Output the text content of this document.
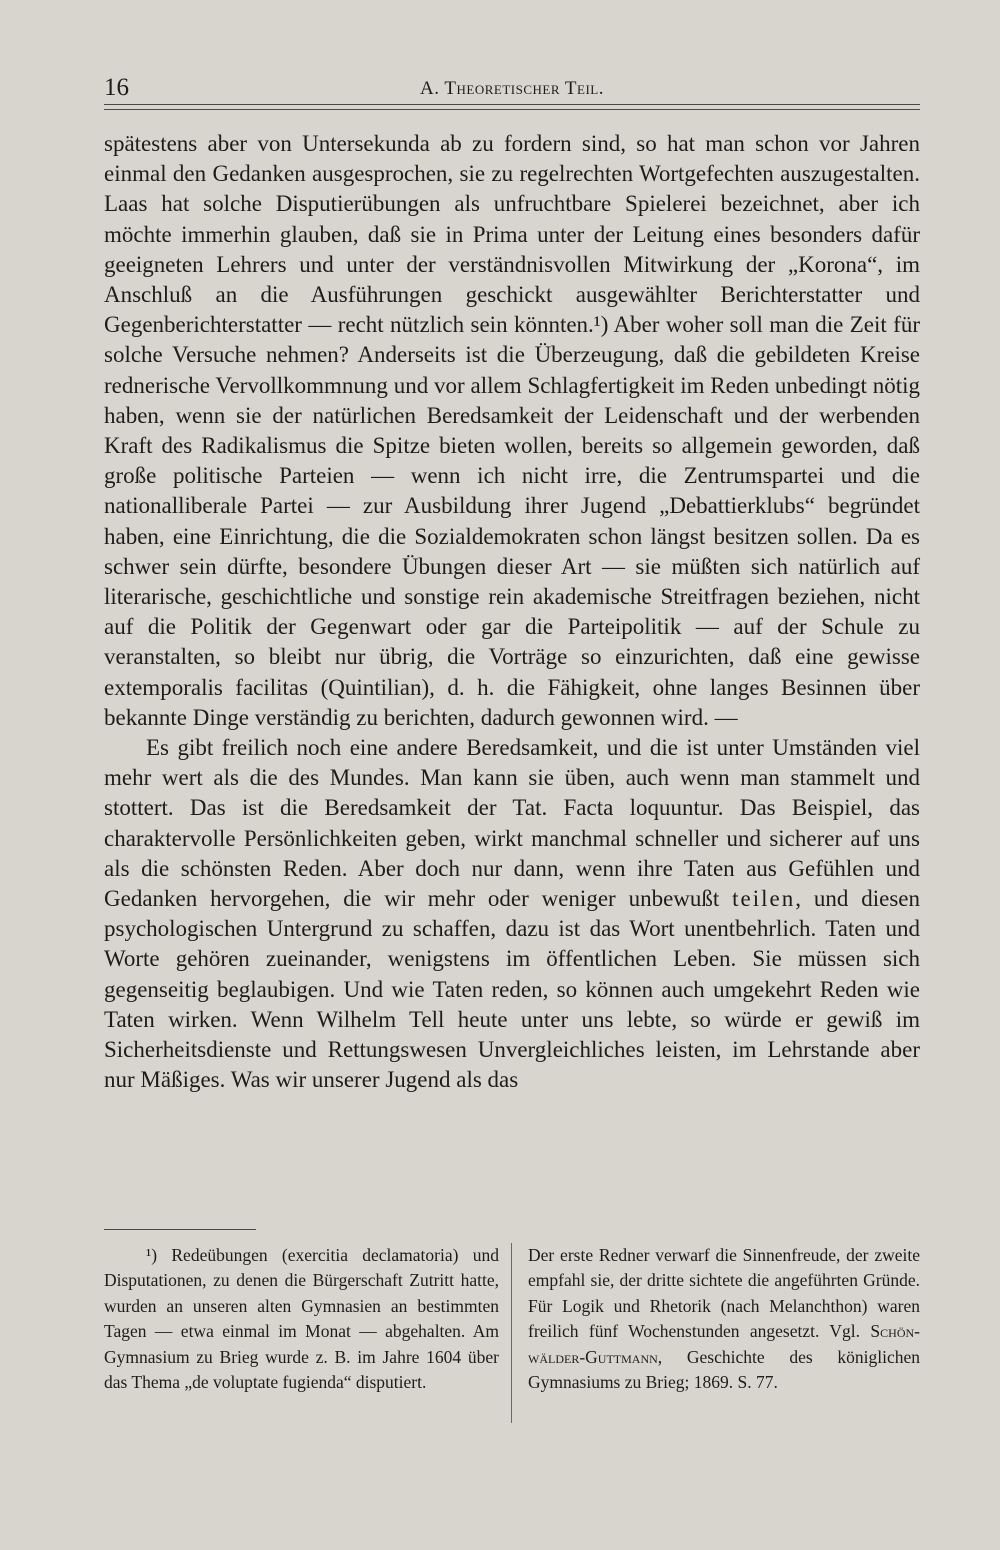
16	A. Theoretischer Teil.

spätestens aber von Untersekunda ab zu fordern sind, so hat man schon vor Jahren einmal den Gedanken ausgesprochen, sie zu regelrechten Wortgefechten auszugestalten. Laas hat solche Disputierübungen als unfruchtbare Spielerei bezeichnet, aber ich möchte immerhin glauben, daß sie in Prima unter der Leitung eines besonders dafür geeigneten Lehrers und unter der verständnisvollen Mitwirkung der „Korona“, im Anschluß an die Ausführungen geschickt ausgewählter Berichterstatter und Gegenberichterstatter — recht nützlich sein könnten.¹) Aber woher soll man die Zeit für solche Versuche nehmen? Anderseits ist die Überzeugung, daß die gebildeten Kreise rednerische Vervollkommnung und vor allem Schlagfertigkeit im Reden unbedingt nötig haben, wenn sie der natürlichen Beredsamkeit der Leidenschaft und der werbenden Kraft des Radikalismus die Spitze bieten wollen, bereits so allgemein geworden, daß große politische Parteien — wenn ich nicht irre, die Zentrumspartei und die nationalliberale Partei — zur Ausbildung ihrer Jugend „Debattierklubs“ begründet haben, eine Einrichtung, die die Sozialdemokraten schon längst besitzen sollen. Da es schwer sein dürfte, besondere Übungen dieser Art — sie müßten sich natürlich auf literarische, geschichtliche und sonstige rein akademische Streitfragen beziehen, nicht auf die Politik der Gegenwart oder gar die Parteipolitik — auf der Schule zu veranstalten, so bleibt nur übrig, die Vorträge so einzurichten, daß eine gewisse extemporalis facilitas (Quintilian), d. h. die Fähigkeit, ohne langes Besinnen über bekannte Dinge verständig zu berichten, dadurch gewonnen wird. —

Es gibt freilich noch eine andere Beredsamkeit, und die ist unter Umständen viel mehr wert als die des Mundes. Man kann sie üben, auch wenn man stammelt und stottert. Das ist die Beredsamkeit der Tat. Facta loquuntur. Das Beispiel, das charaktervolle Persönlichkeiten geben, wirkt manchmal schneller und sicherer auf uns als die schönsten Reden. Aber doch nur dann, wenn ihre Taten aus Gefühlen und Gedanken hervorgehen, die wir mehr oder weniger unbewußt teilen, und diesen psychologischen Untergrund zu schaffen, dazu ist das Wort unentbehrlich. Taten und Worte gehören zueinander, wenigstens im öffentlichen Leben. Sie müssen sich gegenseitig beglaubigen. Und wie Taten reden, so können auch umgekehrt Reden wie Taten wirken. Wenn Wilhelm Tell heute unter uns lebte, so würde er gewiß im Sicherheitsdienste und Rettungswesen Unvergleichliches leisten, im Lehrstande aber nur Mäßiges. Was wir unserer Jugend als das

¹) Redeübungen (exercitia declamatoria) und Disputationen, zu denen die Bürgerschaft Zutritt hatte, wurden an unseren alten Gymnasien an bestimmten Tagen — etwa einmal im Monat — abgehalten. Am Gymnasium zu Brieg wurde z. B. im Jahre 1604 über das Thema „de voluptate fugienda“ disputiert.

Der erste Redner verwarf die Sinnenfreude, der zweite empfahl sie, der dritte sichtete die angeführten Gründe. Für Logik und Rhetorik (nach Melanchthon) waren freilich fünf Wochenstunden angesetzt. Vgl. Schönwälder-Guttmann, Geschichte des königlichen Gymnasiums zu Brieg; 1869. S. 77.
